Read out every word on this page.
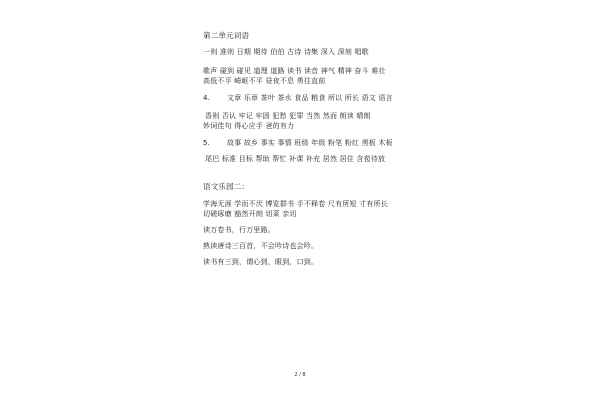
第二单元词语
一则 准则 日期 期待 伯伯 古诗 诗集 深入 深刻 唱歌
歌声 碰到 碰见 道理 道路 读书 读音 神气 精神 奋斗 难壮
高低不平 崎岖不平 昼夜不息 勇往直前
4. 文章 乐章 茶叶 茶水 食品 粮食 所以 所长 语文 语言
香则 否认 牢记 牢固 犯愁 犯罪 当然 然而 朗读 晴朗
妙词佳句 得心应手 爸的有力
5. 故事 故乡 事实 事情 班级 年级 粉笔 粉红 黑板 木板
尾巴 标准 目标 帮助 帮忙 补课 补充 居然 居住 含苞待放
语文乐园二：
学海无涯 学而不厌 博览群书 手不释卷 尺有所短 寸有所长
切磋琢磨 豁然开朗 切菜 亲切
读万卷书，行万里路。
熟读唐诗三百首，不会吟诗也会吟。
读书有三到，谓心到，眼到，口到。
2 / 8
